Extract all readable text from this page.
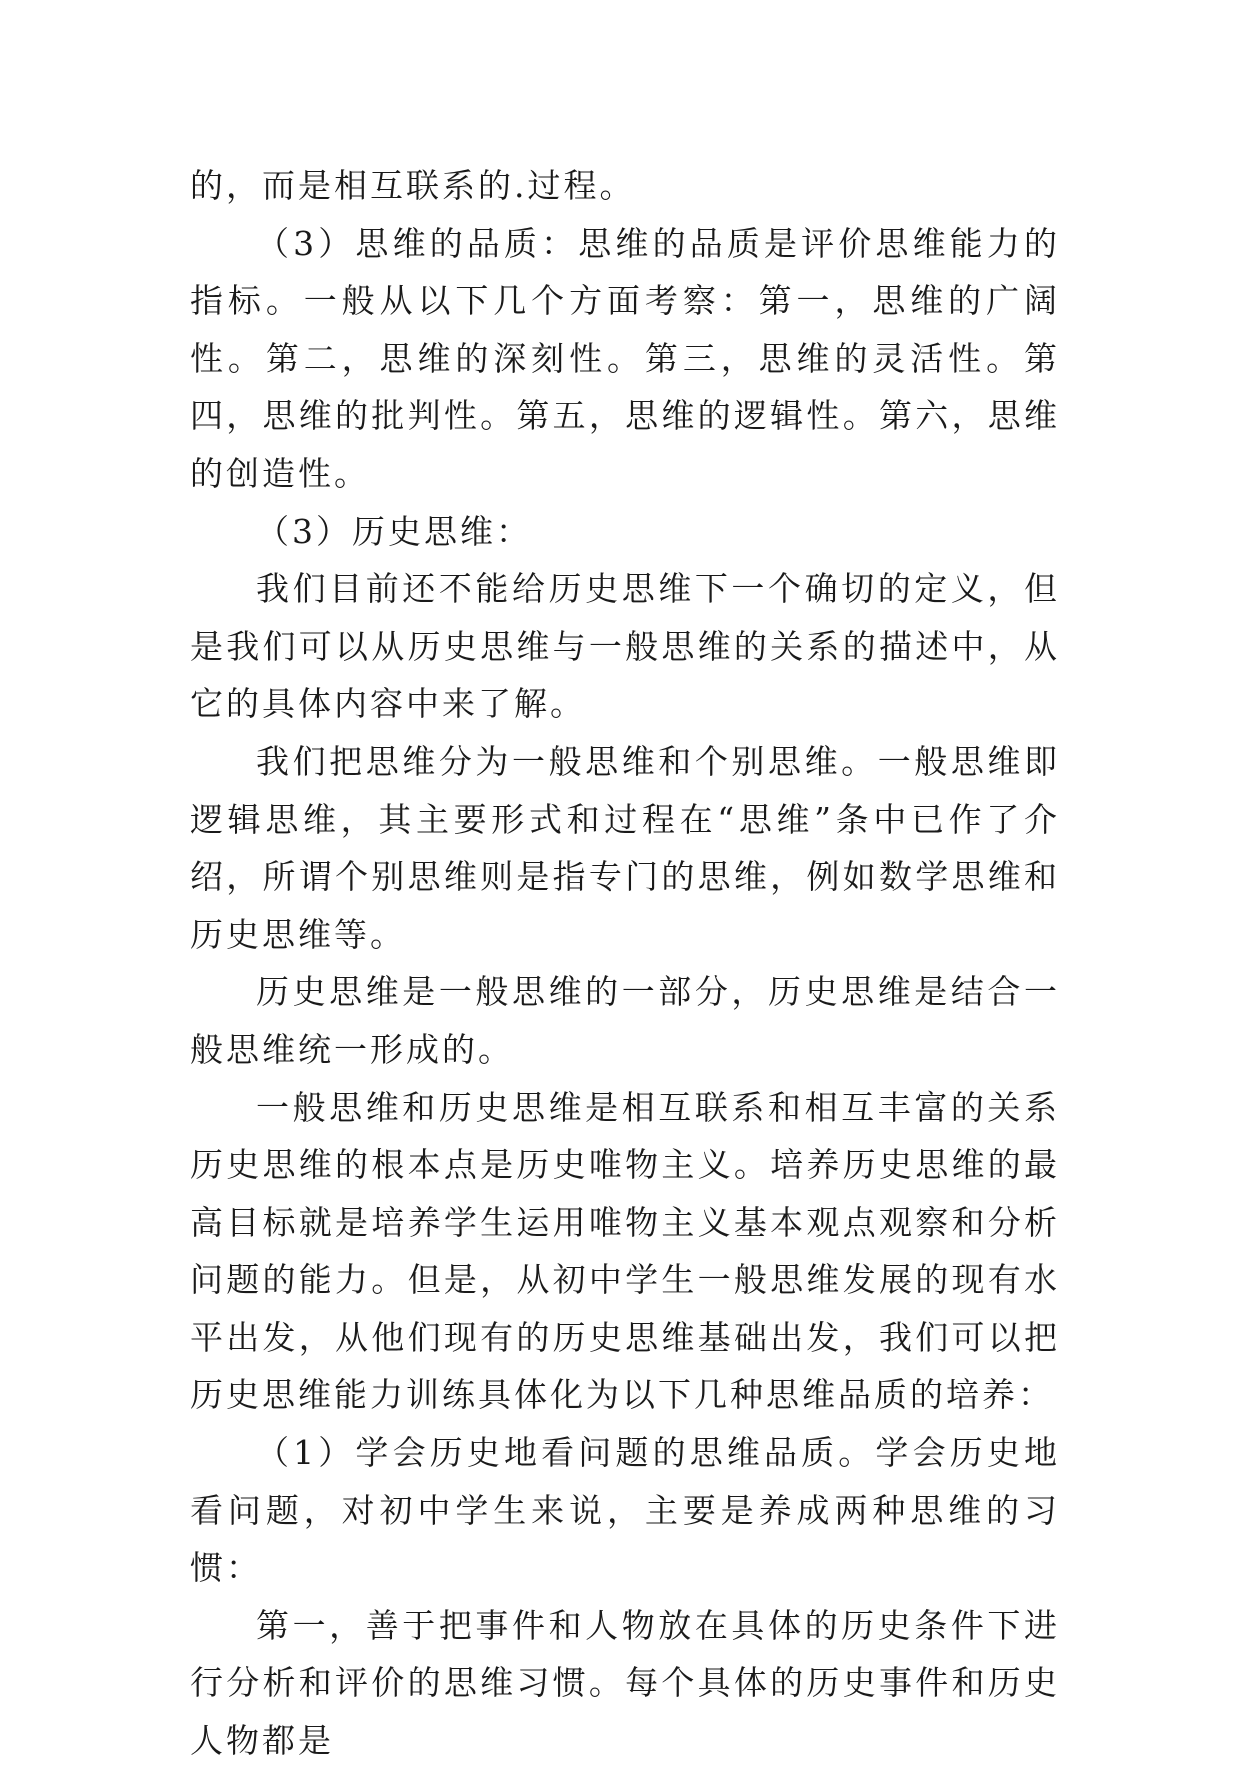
的，而是相互联系的.过程。

（3）思维的品质：思维的品质是评价思维能力的指标。一般从以下几个方面考察：第一，思维的广阔性。第二，思维的深刻性。第三，思维的灵活性。第四，思维的批判性。第五，思维的逻辑性。第六，思维的创造性。

（3）历史思维：

我们目前还不能给历史思维下一个确切的定义，但是我们可以从历史思维与一般思维的关系的描述中，从它的具体内容中来了解。

我们把思维分为一般思维和个别思维。一般思维即逻辑思维，其主要形式和过程在“思维”条中已作了介绍，所谓个别思维则是指专门的思维，例如数学思维和历史思维等。

历史思维是一般思维的一部分，历史思维是结合一般思维统一形成的。

一般思维和历史思维是相互联系和相互丰富的关系历史思维的根本点是历史唯物主义。培养历史思维的最高目标就是培养学生运用唯物主义基本观点观察和分析问题的能力。但是，从初中学生一般思维发展的现有水平出发，从他们现有的历史思维基础出发，我们可以把历史思维能力训练具体化为以下几种思维品质的培养：

（1）学会历史地看问题的思维品质。学会历史地看问题，对初中学生来说，主要是养成两种思维的习惯：

第一，善于把事件和人物放在具体的历史条件下进行分析和评价的思维习惯。每个具体的历史事件和历史人物都是
